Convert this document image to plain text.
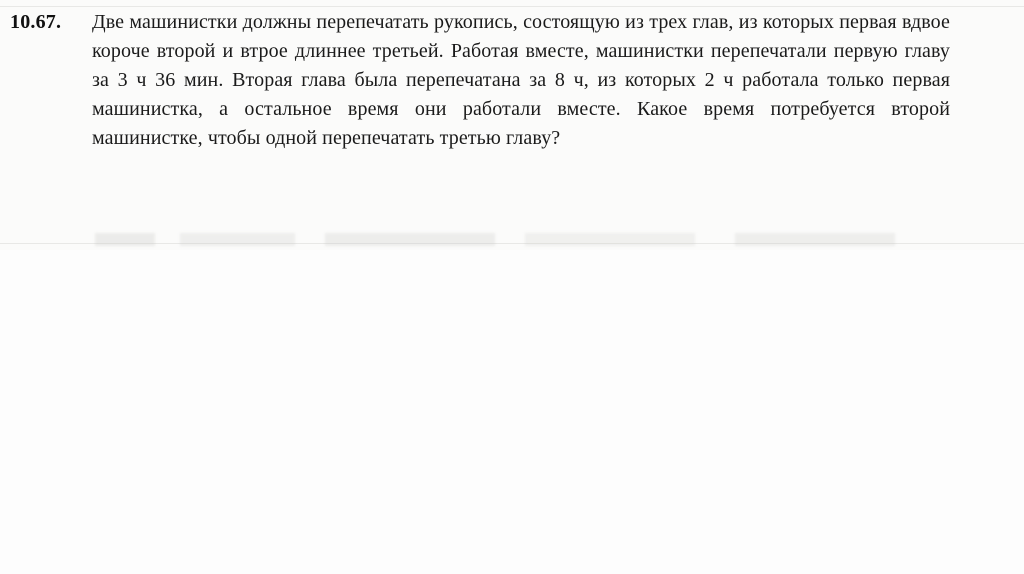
10.67.	Две машинистки должны перепечатать рукопись, состоящую из трех глав, из которых первая вдвое короче второй и втрое длиннее третьей. Работая вместе, машинистки перепечатали первую главу за 3 ч 36 мин. Вторая глава была перепечатана за 8 ч, из которых 2 ч работала только первая машинистка, а остальное время они работали вместе. Какое время потребуется второй машинистке, чтобы одной перепечатать третью главу?
